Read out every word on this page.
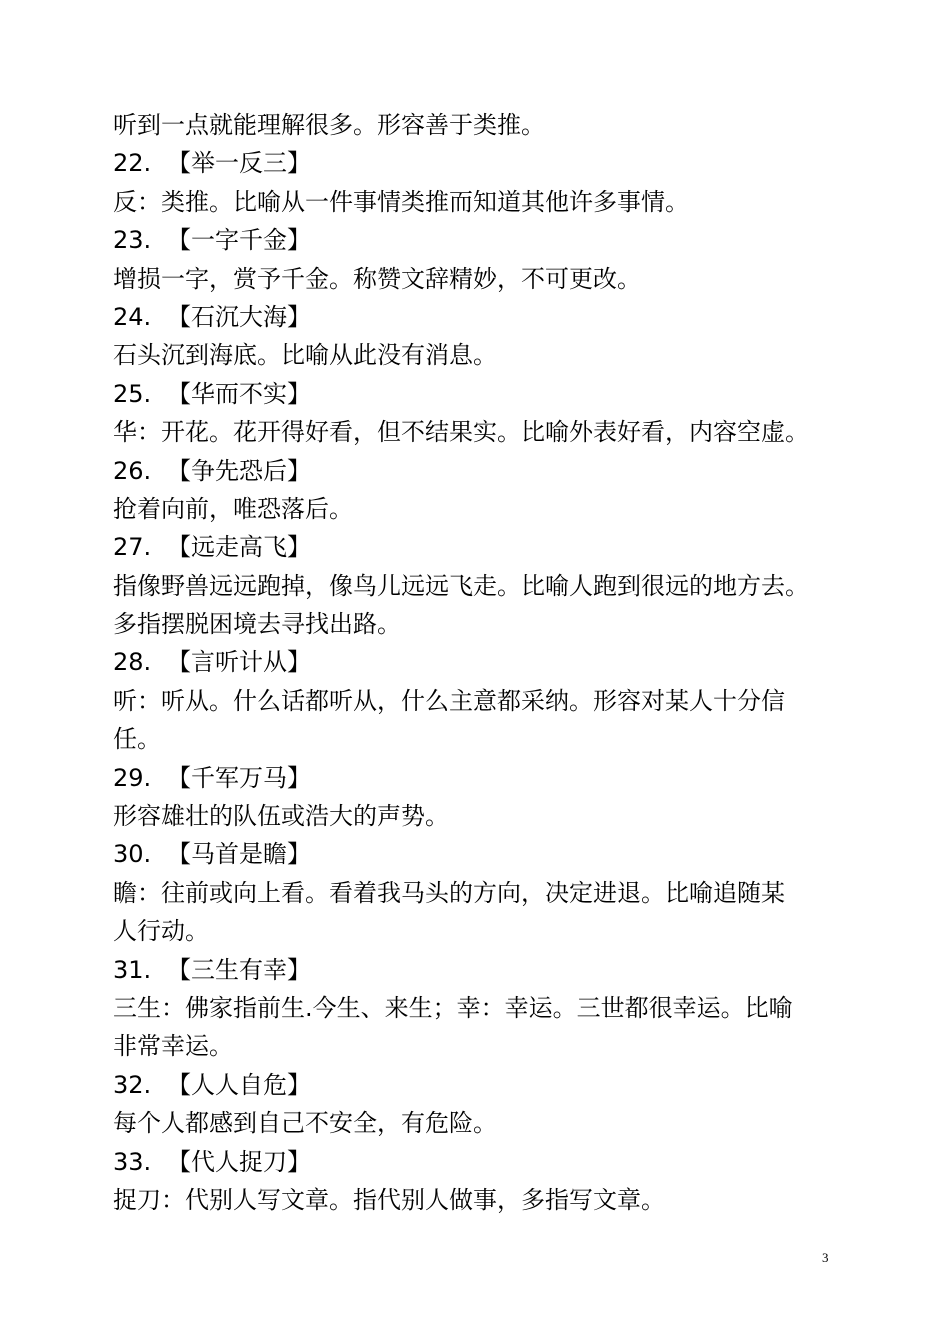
听到一点就能理解很多。形容善于类推。

22. 【举一反三】

反：类推。比喻从一件事情类推而知道其他许多事情。

23. 【一字千金】

增损一字，赏予千金。称赞文辞精妙，不可更改。

24. 【石沉大海】

石头沉到海底。比喻从此没有消息。

25. 【华而不实】

华：开花。花开得好看，但不结果实。比喻外表好看，内容空虚。

26. 【争先恐后】

抢着向前，唯恐落后。

27. 【远走高飞】

指像野兽远远跑掉，像鸟儿远远飞走。比喻人跑到很远的地方去。

多指摆脱困境去寻找出路。

28. 【言听计从】

听：听从。什么话都听从，什么主意都采纳。形容对某人十分信

任。

29. 【千军万马】

形容雄壮的队伍或浩大的声势。

30. 【马首是瞻】

瞻：往前或向上看。看着我马头的方向，决定进退。比喻追随某

人行动。

31. 【三生有幸】

三生：佛家指前生.今生、来生；幸：幸运。三世都很幸运。比喻

非常幸运。

32. 【人人自危】

每个人都感到自己不安全，有危险。

33. 【代人捉刀】

捉刀：代别人写文章。指代别人做事，多指写文章。

3
